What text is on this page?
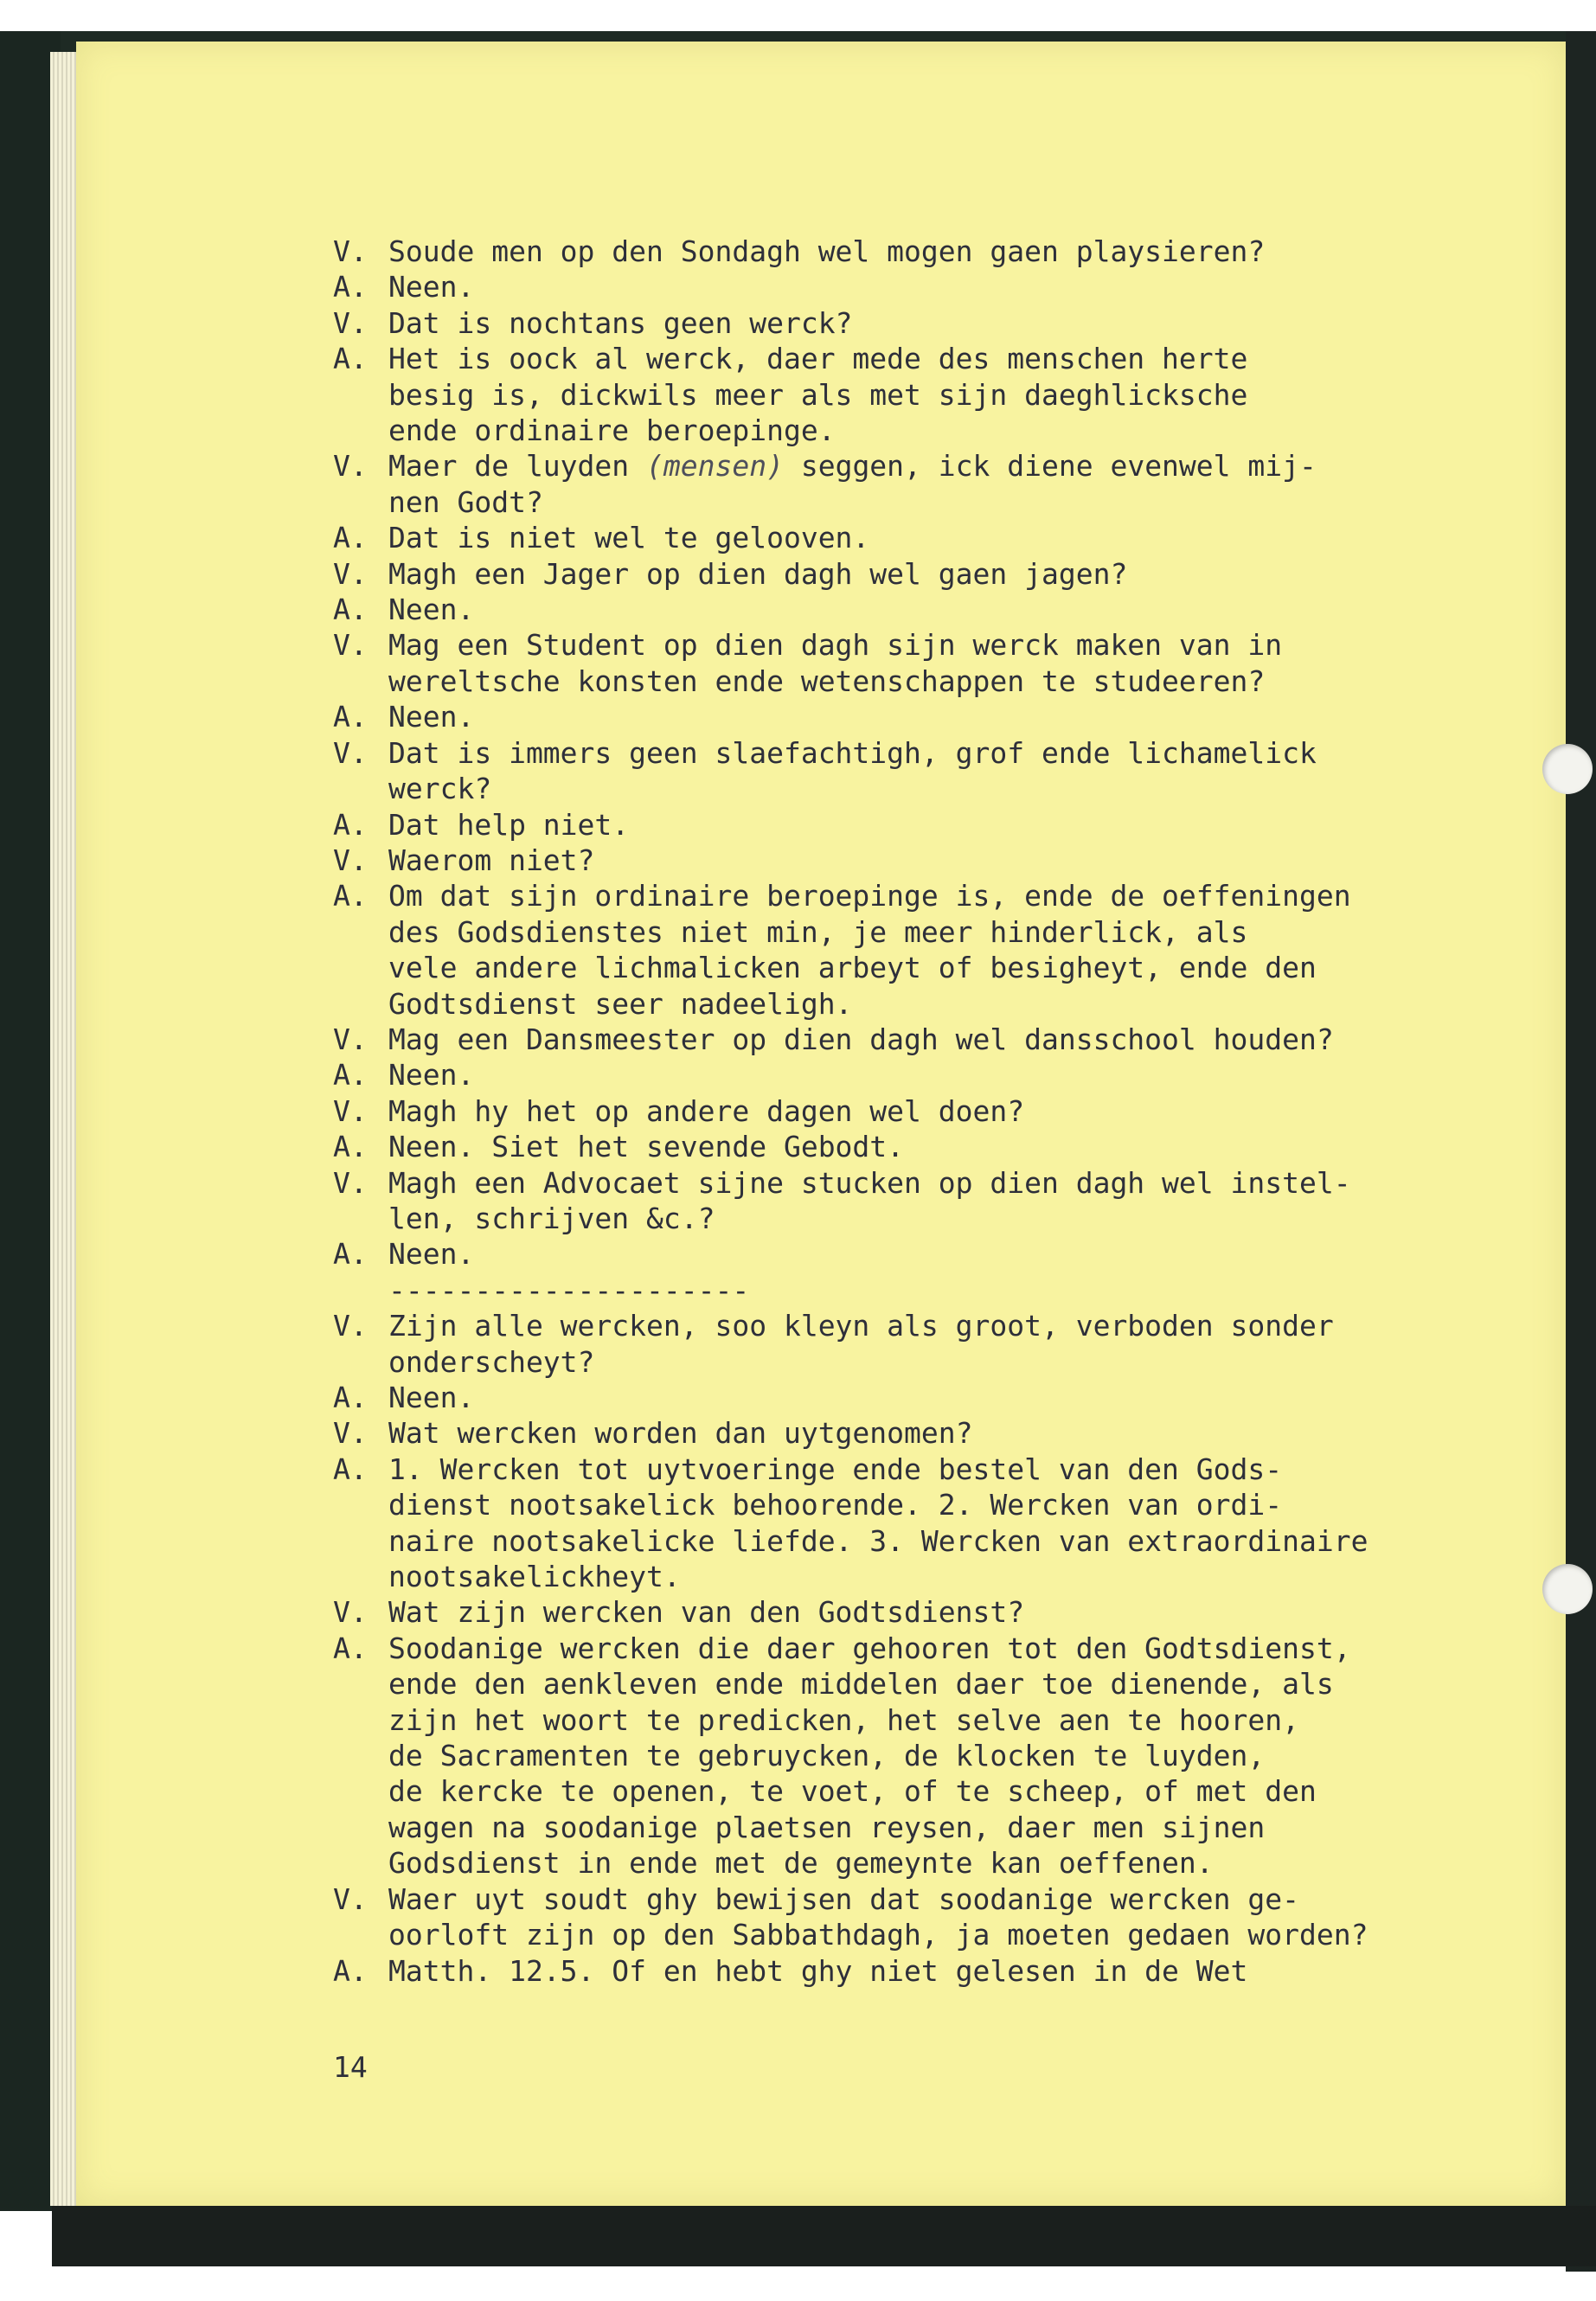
V. Soude men op den Sondagh wel mogen gaen playsieren?
A. Neen.
V. Dat is nochtans geen werck?
A. Het is oock al werck, daer mede des menschen herte
besig is, dickwils meer als met sijn daeghlicksche
ende ordinaire beroepinge.
V. Maer de luyden (mensen) seggen, ick diene evenwel mij-
nen Godt?
A. Dat is niet wel te gelooven.
V. Magh een Jager op dien dagh wel gaen jagen?
A. Neen.
V. Mag een Student op dien dagh sijn werck maken van in
wereltsche konsten ende wetenschappen te studeeren?
A. Neen.
V. Dat is immers geen slaefachtigh, grof ende lichamelick
werck?
A. Dat help niet.
V. Waerom niet?
A. Om dat sijn ordinaire beroepinge is, ende de oeffeningen
des Godsdienstes niet min, je meer hinderlick, als
vele andere lichmalicken arbeyt of besigheyt, ende den
Godtsdienst seer nadeeligh.
V. Mag een Dansmeester op dien dagh wel dansschool houden?
A. Neen.
V. Magh hy het op andere dagen wel doen?
A. Neen. Siet het sevende Gebodt.
V. Magh een Advocaet sijne stucken op dien dagh wel instel-
len, schrijven &c.?
A. Neen.
---------------------
V. Zijn alle wercken, soo kleyn als groot, verboden sonder
onderscheyt?
A. Neen.
V. Wat wercken worden dan uytgenomen?
A. 1. Wercken tot uytvoeringe ende bestel van den Gods-
dienst nootsakelick behoorende. 2. Wercken van ordi-
naire nootsakelicke liefde. 3. Wercken van extraordinaire
nootsakelickheyt.
V. Wat zijn wercken van den Godtsdienst?
A. Soodanige wercken die daer gehooren tot den Godtsdienst,
ende den aenkleven ende middelen daer toe dienende, als
zijn het woort te predicken, het selve aen te hooren,
de Sacramenten te gebruycken, de klocken te luyden,
de kercke te openen, te voet, of te scheep, of met den
wagen na soodanige plaetsen reysen, daer men sijnen
Godsdienst in ende met de gemeynte kan oeffenen.
V. Waer uyt soudt ghy bewijsen dat soodanige wercken ge-
oorloft zijn op den Sabbathdagh, ja moeten gedaen worden?
A. Matth. 12.5. Of en hebt ghy niet gelesen in de Wet
14
